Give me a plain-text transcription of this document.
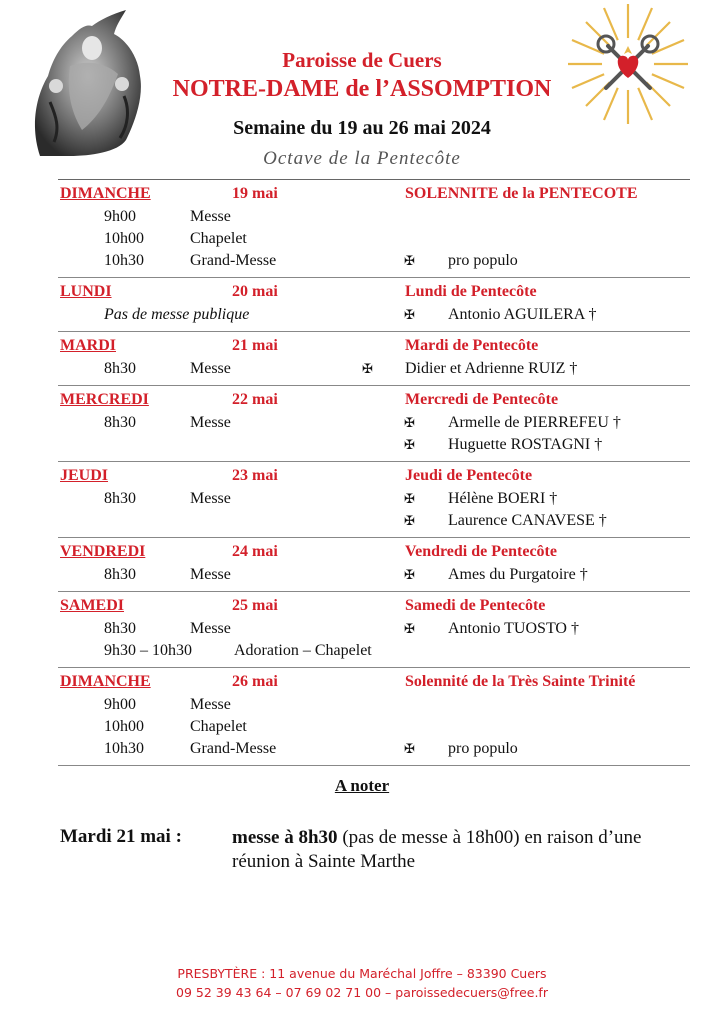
Paroisse de Cuers
NOTRE-DAME de l’ASSOMPTION
Semaine du 19 au 26 mai 2024
Octave de la Pentecôte
DIMANCHE	19 mai	SOLENNITE de la PENTECOTE
9h00	Messe
10h00	Chapelet
10h30	Grand-Messe	✠ pro populo
LUNDI	20 mai	Lundi de Pentecôte
Pas de messe publique	✠ Antonio AGUILERA †
MARDI	21 mai	Mardi de Pentecôte
8h30	Messe	✠ Didier et Adrienne RUIZ †
MERCREDI	22 mai	Mercredi de Pentecôte
8h30	Messe	✠ Armelle de PIERREFEU †
✠ Huguette ROSTAGNI †
JEUDI	23 mai	Jeudi de Pentecôte
8h30	Messe	✠ Hélène BOERI †
✠ Laurence CANAVESE †
VENDREDI	24 mai	Vendredi de Pentecôte
8h30	Messe	✠ Ames du Purgatoire †
SAMEDI	25 mai	Samedi de Pentecôte
8h30	Messe	✠ Antonio TUOSTO †
9h30 – 10h30	Adoration – Chapelet
DIMANCHE	26 mai	Solennité de la Très Sainte Trinité
9h00	Messe
10h00	Chapelet
10h30	Grand-Messe	✠ pro populo
A noter
Mardi 21 mai :	messe à 8h30 (pas de messe à 18h00) en raison d’une réunion à Sainte Marthe
PRESBYTÈRE : 11 avenue du Maréchal Joffre – 83390 Cuers
09 52 39 43 64 – 07 69 02 71 00 – paroissedecuers@free.fr
